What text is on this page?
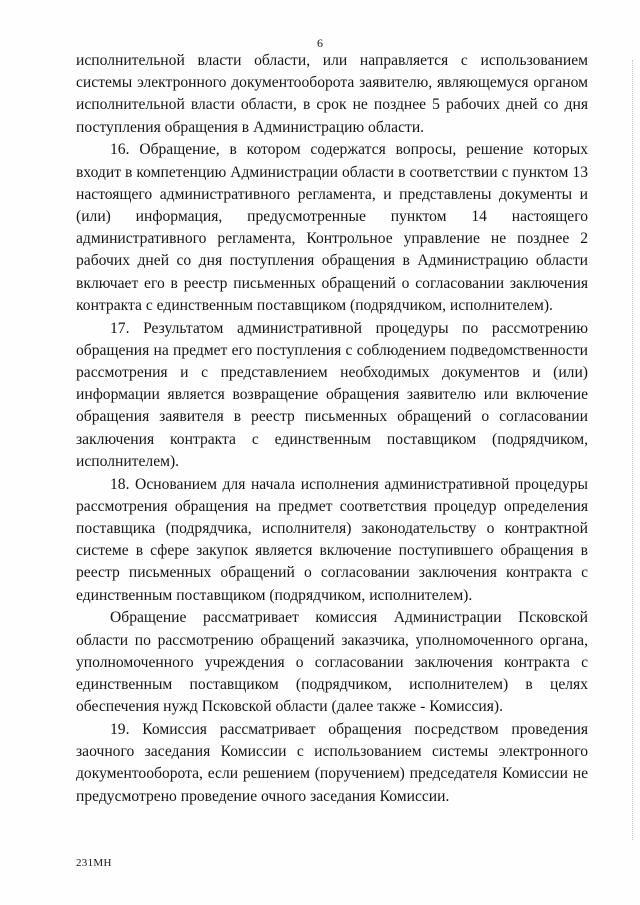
6

исполнительной власти области, или направляется с использованием системы электронного документооборота заявителю, являющемуся органом исполнительной власти области, в срок не позднее 5 рабочих дней со дня поступления обращения в Администрацию области.

16. Обращение, в котором содержатся вопросы, решение которых входит в компетенцию Администрации области в соответствии с пунктом 13 настоящего административного регламента, и представлены документы и (или) информация, предусмотренные пунктом 14 настоящего административного регламента, Контрольное управление не позднее 2 рабочих дней со дня поступления обращения в Администрацию области включает его в реестр письменных обращений о согласовании заключения контракта с единственным поставщиком (подрядчиком, исполнителем).

17. Результатом административной процедуры по рассмотрению обращения на предмет его поступления с соблюдением подведомственности рассмотрения и с представлением необходимых документов и (или) информации является возвращение обращения заявителю или включение обращения заявителя в реестр письменных обращений о согласовании заключения контракта с единственным поставщиком (подрядчиком, исполнителем).

18. Основанием для начала исполнения административной процедуры рассмотрения обращения на предмет соответствия процедур определения поставщика (подрядчика, исполнителя) законодательству о контрактной системе в сфере закупок является включение поступившего обращения в реестр письменных обращений о согласовании заключения контракта с единственным поставщиком (подрядчиком, исполнителем).

Обращение рассматривает комиссия Администрации Псковской области по рассмотрению обращений заказчика, уполномоченного органа, уполномоченного учреждения о согласовании заключения контракта с единственным поставщиком (подрядчиком, исполнителем) в целях обеспечения нужд Псковской области (далее также - Комиссия).

19. Комиссия рассматривает обращения посредством проведения заочного заседания Комиссии с использованием системы электронного документооборота, если решением (поручением) председателя Комиссии не предусмотрено проведение очного заседания Комиссии.

231МН
